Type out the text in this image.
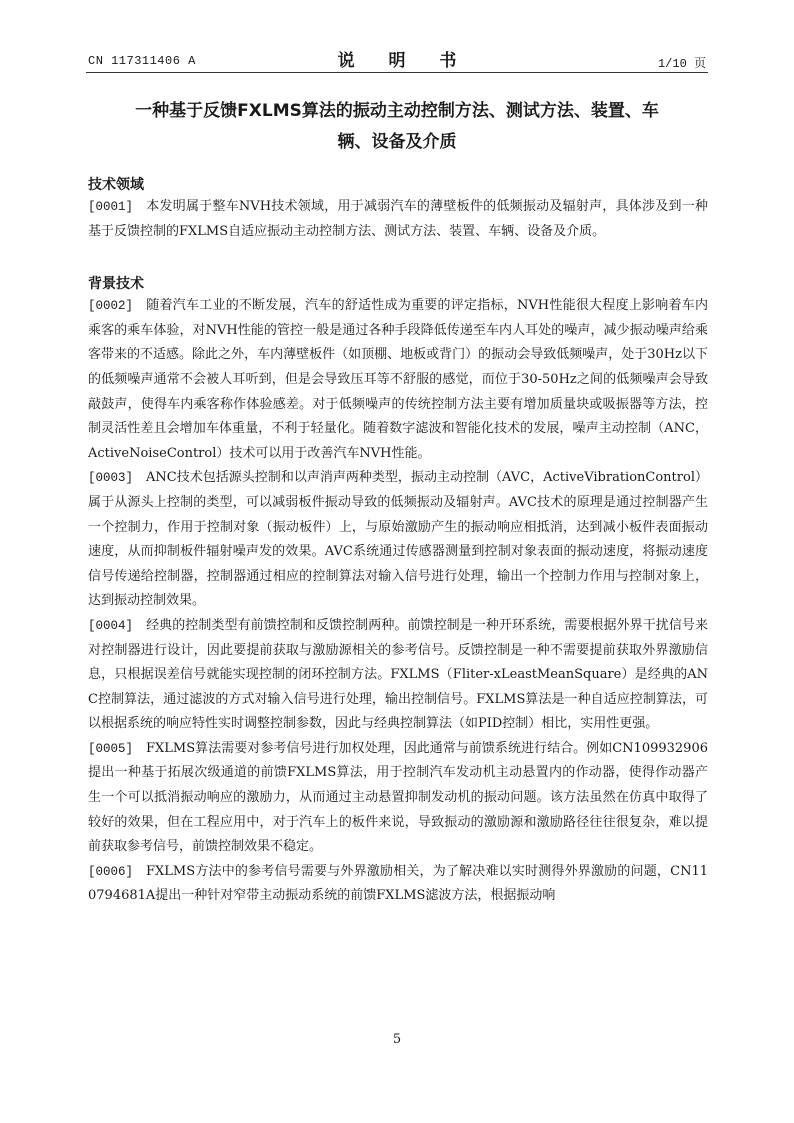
CN 117311406 A	说 明 书	1/10 页
一种基于反馈FXLMS算法的振动主动控制方法、测试方法、装置、车辆、设备及介质
技术领域

[0001] 本发明属于整车NVH技术领域，用于减弱汽车的薄壁板件的低频振动及辐射声，具体涉及到一种基于反馈控制的FXLMS自适应振动主动控制方法、测试方法、装置、车辆、设备及介质。

背景技术

[0002] 随着汽车工业的不断发展，汽车的舒适性成为重要的评定指标，NVH性能很大程度上影响着车内乘客的乘车体验，对NVH性能的管控一般是通过各种手段降低传递至车内人耳处的噪声，减少振动噪声给乘客带来的不适感。除此之外，车内薄壁板件（如顶棚、地板或背门）的振动会导致低频噪声，处于30Hz以下的低频噪声通常不会被人耳听到，但是会导致压耳等不舒服的感觉，而位于30-50Hz之间的低频噪声会导致敲鼓声，使得车内乘客称作体验感差。对于低频噪声的传统控制方法主要有增加质量块或吸振器等方法，控制灵活性差且会增加车体重量，不利于轻量化。随着数字滤波和智能化技术的发展，噪声主动控制（ANC，ActiveNoiseControl）技术可以用于改善汽车NVH性能。

[0003] ANC技术包括源头控制和以声消声两种类型，振动主动控制（AVC，ActiveVibrationControl）属于从源头上控制的类型，可以减弱板件振动导致的低频振动及辐射声。AVC技术的原理是通过控制器产生一个控制力，作用于控制对象（振动板件）上，与原始激励产生的振动响应相抵消，达到减小板件表面振动速度，从而抑制板件辐射噪声发的效果。AVC系统通过传感器测量到控制对象表面的振动速度，将振动速度信号传递给控制器，控制器通过相应的控制算法对输入信号进行处理，输出一个控制力作用与控制对象上，达到振动控制效果。

[0004] 经典的控制类型有前馈控制和反馈控制两种。前馈控制是一种开环系统，需要根据外界干扰信号来对控制器进行设计，因此要提前获取与激励源相关的参考信号。反馈控制是一种不需要提前获取外界激励信息，只根据误差信号就能实现控制的闭环控制方法。FXLMS（Fliter-xLeastMeanSquare）是经典的ANC控制算法，通过滤波的方式对输入信号进行处理，输出控制信号。FXLMS算法是一种自适应控制算法，可以根据系统的响应特性实时调整控制参数，因此与经典控制算法（如PID控制）相比，实用性更强。

[0005] FXLMS算法需要对参考信号进行加权处理，因此通常与前馈系统进行结合。例如CN109932906提出一种基于拓展次级通道的前馈FXLMS算法，用于控制汽车发动机主动悬置内的作动器，使得作动器产生一个可以抵消振动响应的激励力，从而通过主动悬置抑制发动机的振动问题。该方法虽然在仿真中取得了较好的效果，但在工程应用中，对于汽车上的板件来说，导致振动的激励源和激励路径往往很复杂，难以提前获取参考信号，前馈控制效果不稳定。

[0006] FXLMS方法中的参考信号需要与外界激励相关，为了解决难以实时测得外界激励的问题，CN110794681A提出一种针对窄带主动振动系统的前馈FXLMS滤波方法，根据振动响

5
